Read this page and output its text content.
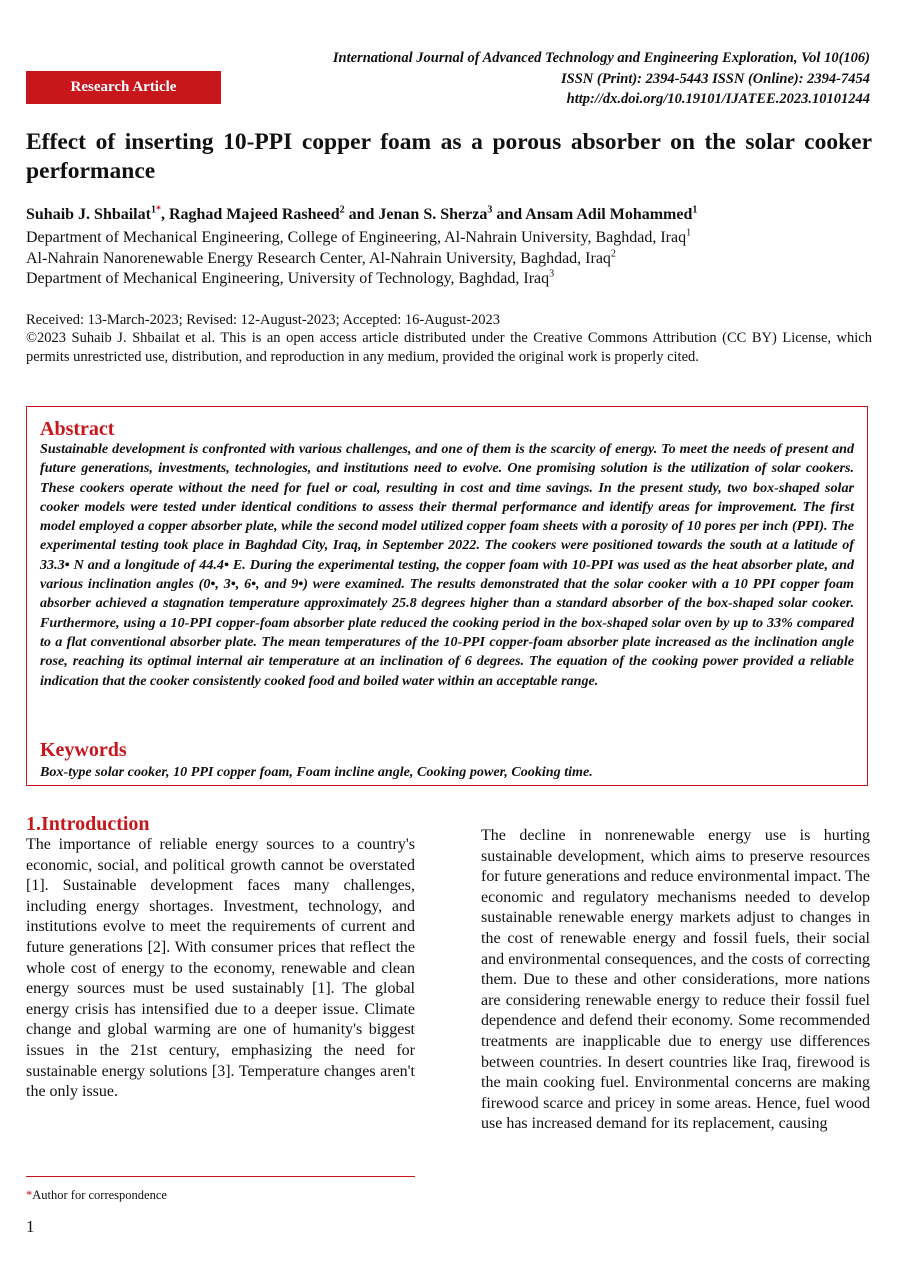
International Journal of Advanced Technology and Engineering Exploration, Vol 10(106)
ISSN (Print): 2394-5443 ISSN (Online): 2394-7454
http://dx.doi.org/10.19101/IJATEE.2023.10101244
Research Article
Effect of inserting 10-PPI copper foam as a porous absorber on the solar cooker performance
Suhaib J. Shbailat$^{1*}$, Raghad Majeed Rasheed$^2$ and Jenan S. Sherza$^3$ and Ansam Adil Mohammed$^1$
Department of Mechanical Engineering, College of Engineering, Al-Nahrain University, Baghdad, Iraq$^1$
Al-Nahrain Nanorenewable Energy Research Center, Al-Nahrain University, Baghdad, Iraq$^2$
Department of Mechanical Engineering, University of Technology, Baghdad, Iraq$^3$
Received: 13-March-2023; Revised: 12-August-2023; Accepted: 16-August-2023
©2023 Suhaib J. Shbailat et al. This is an open access article distributed under the Creative Commons Attribution (CC BY) License, which permits unrestricted use, distribution, and reproduction in any medium, provided the original work is properly cited.
Abstract
Sustainable development is confronted with various challenges, and one of them is the scarcity of energy. To meet the needs of present and future generations, investments, technologies, and institutions need to evolve. One promising solution is the utilization of solar cookers. These cookers operate without the need for fuel or coal, resulting in cost and time savings. In the present study, two box-shaped solar cooker models were tested under identical conditions to assess their thermal performance and identify areas for improvement. The first model employed a copper absorber plate, while the second model utilized copper foam sheets with a porosity of 10 pores per inch (PPI). The experimental testing took place in Baghdad City, Iraq, in September 2022. The cookers were positioned towards the south at a latitude of 33.3• N and a longitude of 44.4• E. During the experimental testing, the copper foam with 10-PPI was used as the heat absorber plate, and various inclination angles (0•, 3•, 6•, and 9•) were examined. The results demonstrated that the solar cooker with a 10 PPI copper foam absorber achieved a stagnation temperature approximately 25.8 degrees higher than a standard absorber of the box-shaped solar cooker. Furthermore, using a 10-PPI copper-foam absorber plate reduced the cooking period in the box-shaped solar oven by up to 33% compared to a flat conventional absorber plate. The mean temperatures of the 10-PPI copper-foam absorber plate increased as the inclination angle rose, reaching its optimal internal air temperature at an inclination of 6 degrees. The equation of the cooking power provided a reliable indication that the cooker consistently cooked food and boiled water within an acceptable range.
Keywords
Box-type solar cooker, 10 PPI copper foam, Foam incline angle, Cooking power, Cooking time.
1.Introduction
The importance of reliable energy sources to a country's economic, social, and political growth cannot be overstated [1]. Sustainable development faces many challenges, including energy shortages. Investment, technology, and institutions evolve to meet the requirements of current and future generations [2]. With consumer prices that reflect the whole cost of energy to the economy, renewable and clean energy sources must be used sustainably [1]. The global energy crisis has intensified due to a deeper issue. Climate change and global warming are one of humanity's biggest issues in the 21st century, emphasizing the need for sustainable energy solutions [3]. Temperature changes aren't the only issue.
The decline in nonrenewable energy use is hurting sustainable development, which aims to preserve resources for future generations and reduce environmental impact. The economic and regulatory mechanisms needed to develop sustainable renewable energy markets adjust to changes in the cost of renewable energy and fossil fuels, their social and environmental consequences, and the costs of correcting them. Due to these and other considerations, more nations are considering renewable energy to reduce their fossil fuel dependence and defend their economy. Some recommended treatments are inapplicable due to energy use differences between countries. In desert countries like Iraq, firewood is the main cooking fuel. Environmental concerns are making firewood scarce and pricey in some areas. Hence, fuel wood use has increased demand for its replacement, causing
*Author for correspondence
1
